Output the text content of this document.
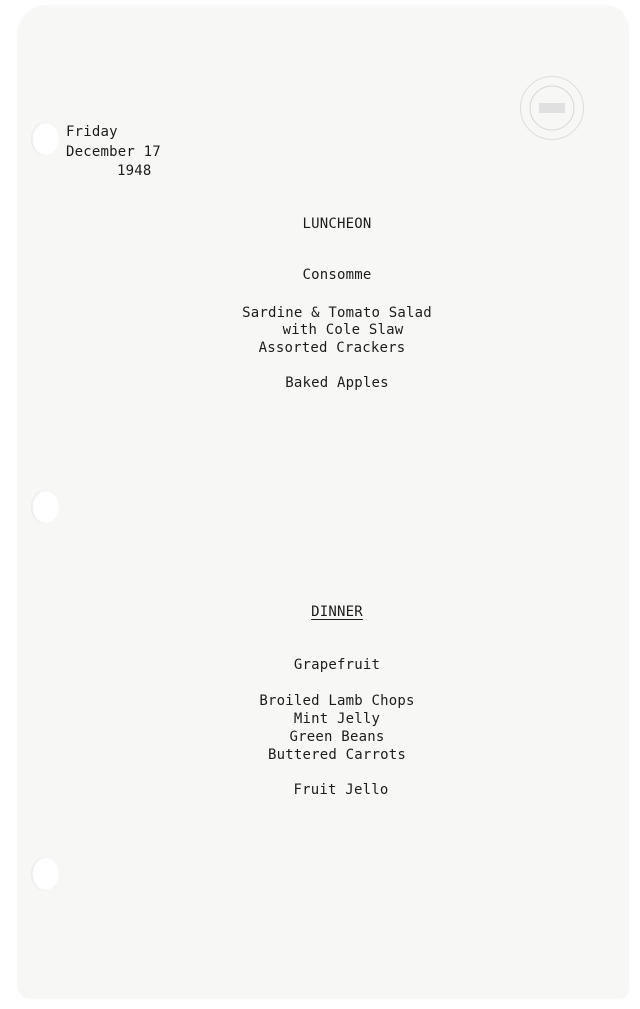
Friday
December 17
1948
LUNCHEON
Consomme
Sardine & Tomato Salad
with Cole Slaw
Assorted Crackers
Baked Apples
DINNER
Grapefruit
Broiled Lamb Chops
Mint Jelly
Green Beans
Buttered Carrots
Fruit Jello
